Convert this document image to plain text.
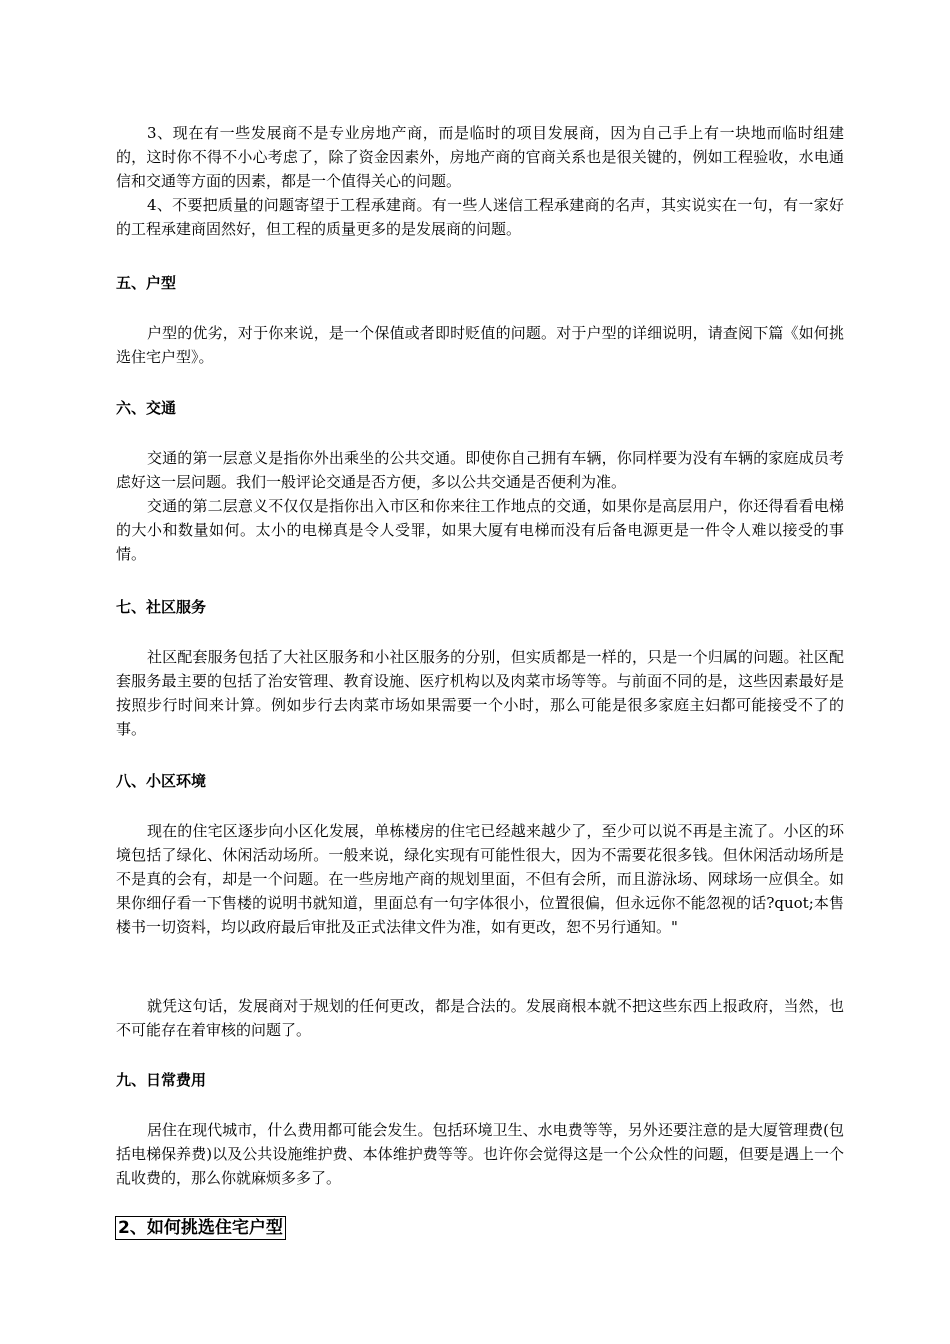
3、现在有一些发展商不是专业房地产商，而是临时的项目发展商，因为自己手上有一块地而临时组建的，这时你不得不小心考虑了，除了资金因素外，房地产商的官商关系也是很关键的，例如工程验收，水电通信和交通等方面的因素，都是一个值得关心的问题。

4、不要把质量的问题寄望于工程承建商。有一些人迷信工程承建商的名声，其实说实在一句，有一家好的工程承建商固然好，但工程的质量更多的是发展商的问题。

五、户型

户型的优劣，对于你来说，是一个保值或者即时贬值的问题。对于户型的详细说明，请查阅下篇《如何挑选住宅户型》。

六、交通

交通的第一层意义是指你外出乘坐的公共交通。即使你自己拥有车辆，你同样要为没有车辆的家庭成员考虑好这一层问题。我们一般评论交通是否方便，多以公共交通是否便利为准。

交通的第二层意义不仅仅是指你出入市区和你来往工作地点的交通，如果你是高层用户，你还得看看电梯的大小和数量如何。太小的电梯真是令人受罪，如果大厦有电梯而没有后备电源更是一件令人难以接受的事情。

七、社区服务

社区配套服务包括了大社区服务和小社区服务的分别，但实质都是一样的，只是一个归属的问题。社区配套服务最主要的包括了治安管理、教育设施、医疗机构以及肉菜市场等等。与前面不同的是，这些因素最好是按照步行时间来计算。例如步行去肉菜市场如果需要一个小时，那么可能是很多家庭主妇都可能接受不了的事。

八、小区环境

现在的住宅区逐步向小区化发展，单栋楼房的住宅已经越来越少了，至少可以说不再是主流了。小区的环境包括了绿化、休闲活动场所。一般来说，绿化实现有可能性很大，因为不需要花很多钱。但休闲活动场所是不是真的会有，却是一个问题。在一些房地产商的规划里面，不但有会所，而且游泳场、网球场一应俱全。如果你细仔看一下售楼的说明书就知道，里面总有一句字体很小，位置很偏，但永远你不能忽视的话?quot;本售楼书一切资料，均以政府最后审批及正式法律文件为准，如有更改，恕不另行通知。"

就凭这句话，发展商对于规划的任何更改，都是合法的。发展商根本就不把这些东西上报政府，当然，也不可能存在着审核的问题了。

九、日常费用

居住在现代城市，什么费用都可能会发生。包括环境卫生、水电费等等，另外还要注意的是大厦管理费(包括电梯保养费)以及公共设施维护费、本体维护费等等。也许你会觉得这是一个公众性的问题，但要是遇上一个乱收费的，那么你就麻烦多多了。

2、如何挑选住宅户型
